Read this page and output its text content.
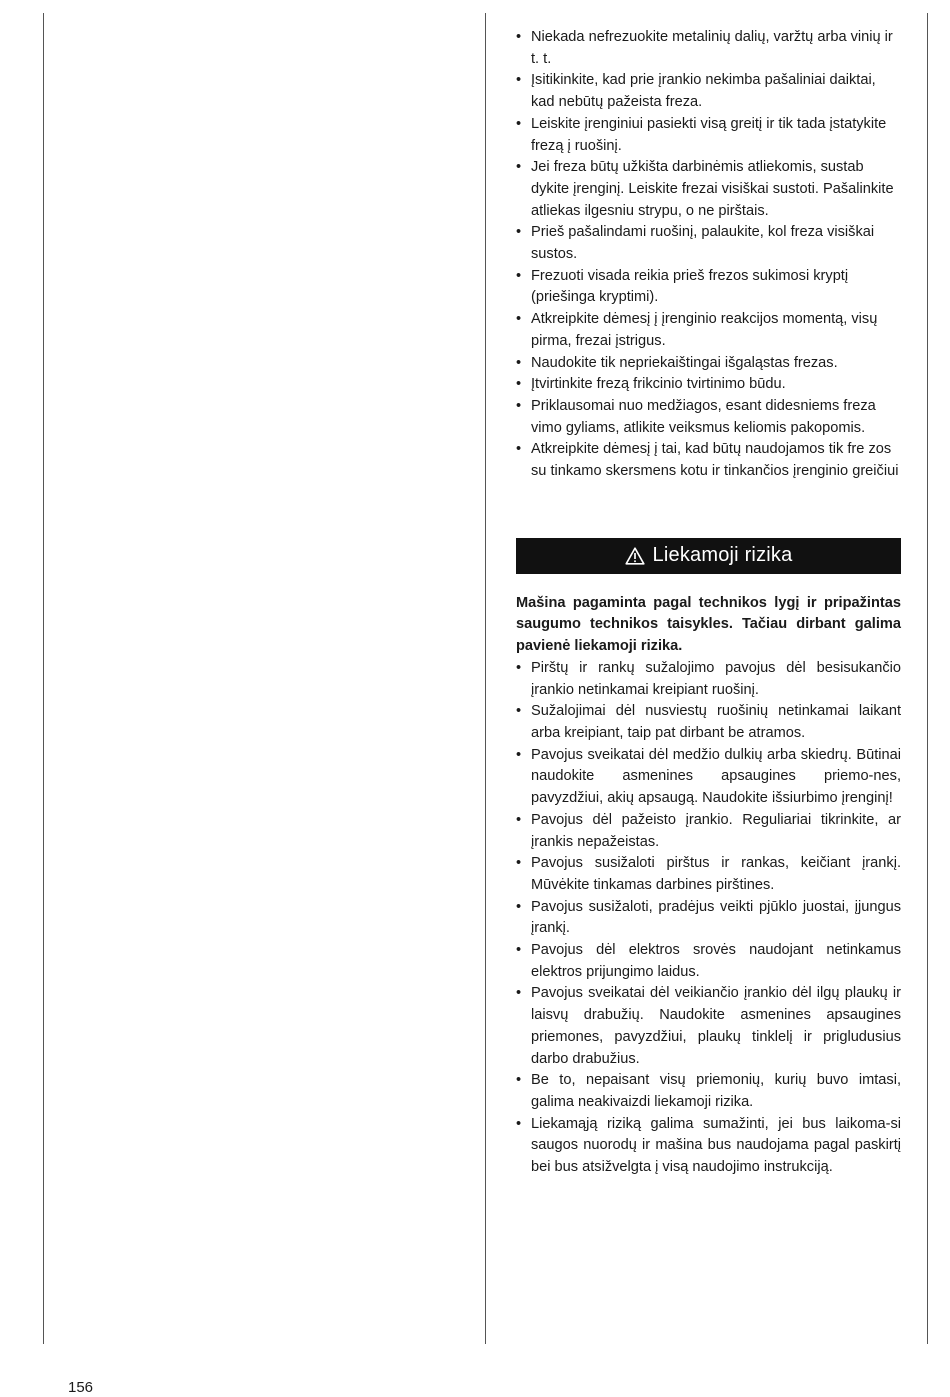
• Niekada nefrezuokite metalinių dalių, varžtų arba vinių ir t. t.
• Įsitikinkite, kad prie įrankio nekimba pašaliniai daiktai, kad nebūtų pažeista freza.
• Leiskite įrenginiui pasiekti visą greitį ir tik tada įstatykite frezą į ruošinį.
• Jei freza būtų užkišta darbinėmis atliekomis, sustab dykite įrenginį. Leiskite frezai visiškai sustoti. Pašalinkite atliekas ilgesniu strypu, o ne pirštais.
• Prieš pašalindami ruošinį, palaukite, kol freza visiškai sustos.
• Frezuoti visada reikia prieš frezos sukimosi kryptį (priešinga kryptimi).
• Atkreipkite dėmesį į įrenginio reakcijos momentą, visų pirma, frezai įstrigus.
• Naudokite tik nepriekaištingai išgaląstas frezas.
• Įtvirtinkite frezą frikcinio tvirtinimo būdu.
• Priklausomai nuo medžiagos, esant didesniems freza vimo gyliams, atlikite veiksmus keliomis pakopomis.
• Atkreipkite dėmesį į tai, kad būtų naudojamos tik fre zos su tinkamo skersmens kotu ir tinkančios įrenginio greičiui
Liekamoji rizika
Mašina pagaminta pagal technikos lygį ir pripažintas saugumo technikos taisykles. Tačiau dirbant galima pavienė liekamoji rizika.
• Pirštų ir rankų sužalojimo pavojus dėl besisukančio įrankio netinkamai kreipiant ruošinį.
• Sužalojimai dėl nusviestų ruošinių netinkamai laikant arba kreipiant, taip pat dirbant be atramos.
• Pavojus sveikatai dėl medžio dulkių arba skiedrų. Būtinai naudokite asmenines apsaugines priemo-nes, pavyzdžiui, akių apsaugą. Naudokite išsiurbimo įrenginį!
• Pavojus dėl pažeisto įrankio. Reguliariai tikrinkite, ar įrankis nepažeistas.
• Pavojus susižaloti pirštus ir rankas, keičiant įrankį. Mūvėkite tinkamas darbines pirštines.
• Pavojus susižaloti, pradėjus veikti pjūklo juostai, įjungus įrankį.
• Pavojus dėl elektros srovės naudojant netinkamus elektros prijungimo laidus.
• Pavojus sveikatai dėl veikiančio įrankio dėl ilgų plaukų ir laisvų drabužių. Naudokite asmenines apsaugines priemones, pavyzdžiui, plaukų tinklelį ir prigludusius darbo drabužius.
• Be to, nepaisant visų priemonių, kurių buvo imtasi, galima neakivaizdi liekamoji rizika.
• Liekamąją riziką galima sumažinti, jei bus laikoma-si saugos nuorodų ir mašina bus naudojama pagal paskirtį bei bus atsižvelgta į visą naudojimo instrukciją.
156
